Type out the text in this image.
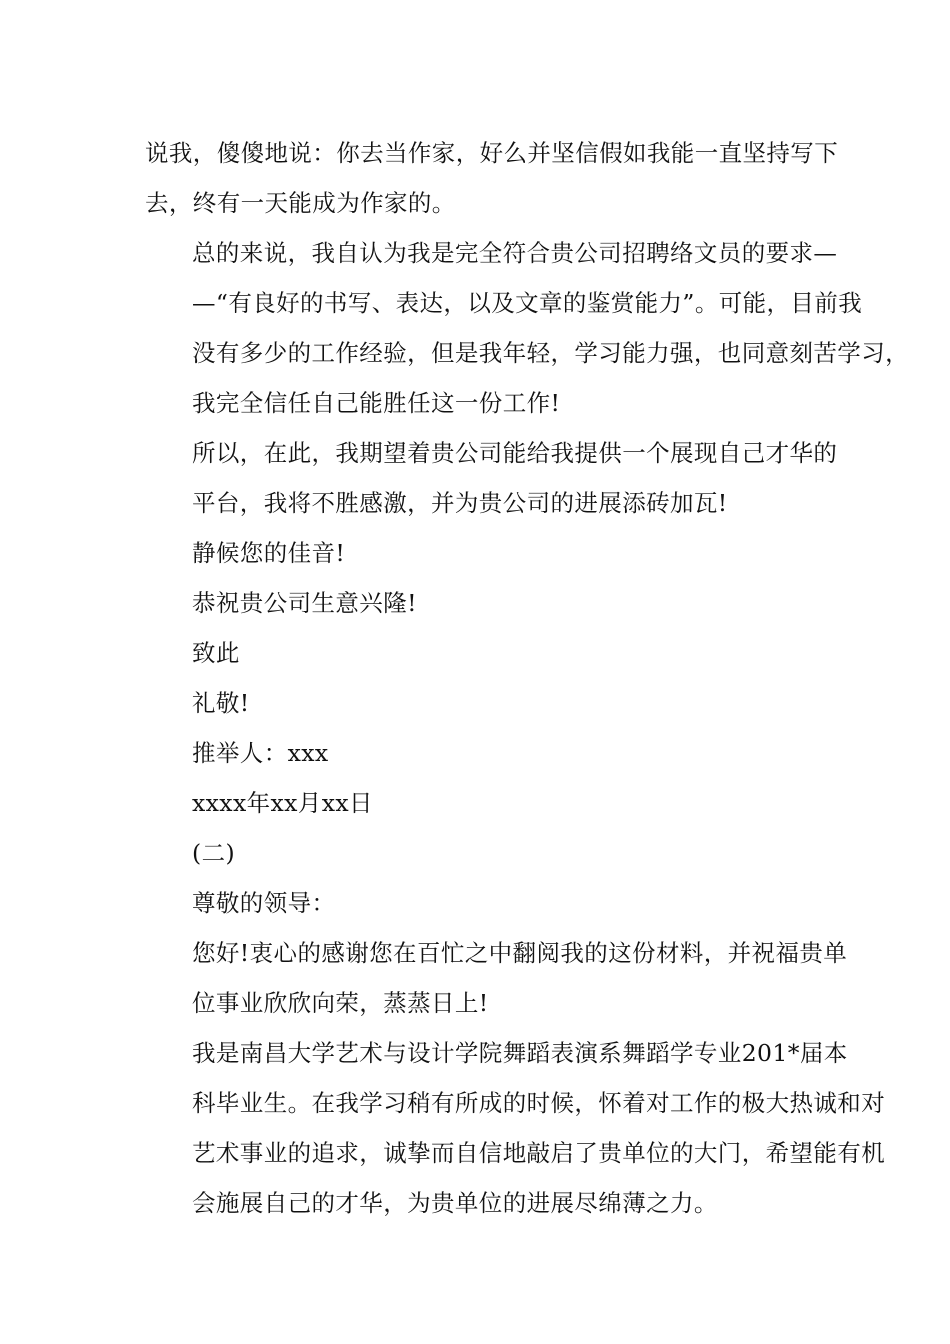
说我，傻傻地说：你去当作家，好么并坚信假如我能一直坚持写下
去，终有一天能成为作家的。

总的来说，我自认为我是完全符合贵公司招聘络文员的要求—
—“有良好的书写、表达，以及文章的鉴赏能力”。可能，目前我
没有多少的工作经验，但是我年轻，学习能力强，也同意刻苦学习，
我完全信任自己能胜任这一份工作!

所以，在此，我期望着贵公司能给我提供一个展现自己才华的
平台，我将不胜感激，并为贵公司的进展添砖加瓦!

静候您的佳音!

恭祝贵公司生意兴隆!

致此

礼敬!

推举人：xxx

xxxx年xx月xx日

(二)

尊敬的领导：

您好!衷心的感谢您在百忙之中翻阅我的这份材料，并祝福贵单
位事业欣欣向荣，蒸蒸日上!

我是南昌大学艺术与设计学院舞蹈表演系舞蹈学专业201*届本
科毕业生。在我学习稍有所成的时候，怀着对工作的极大热诚和对
艺术事业的追求，诚挚而自信地敲启了贵单位的大门，希望能有机
会施展自己的才华，为贵单位的进展尽绵薄之力。
